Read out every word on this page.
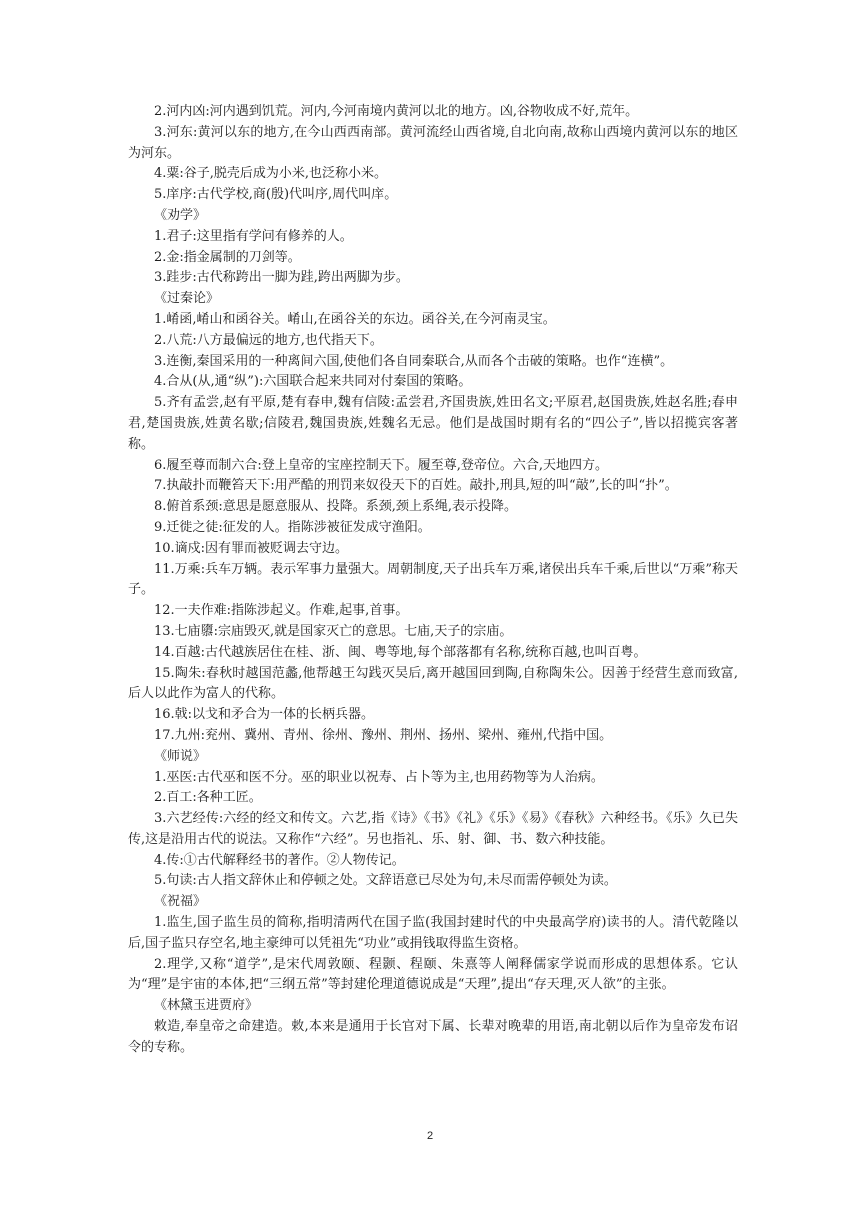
2.河内凶:河内遇到饥荒。河内,今河南境内黄河以北的地方。凶,谷物收成不好,荒年。

3.河东:黄河以东的地方,在今山西西南部。黄河流经山西省境,自北向南,故称山西境内黄河以东的地区为河东。

4.粟:谷子,脱壳后成为小米,也泛称小米。

5.庠序:古代学校,商(殷)代叫序,周代叫庠。

《劝学》

1.君子:这里指有学问有修养的人。

2.金:指金属制的刀剑等。

3.跬步:古代称跨出一脚为跬,跨出两脚为步。

《过秦论》

1.崤函,崤山和函谷关。崤山,在函谷关的东边。函谷关,在今河南灵宝。

2.八荒:八方最偏远的地方,也代指天下。

3.连衡,秦国采用的一种离间六国,使他们各自同秦联合,从而各个击破的策略。也作“连横”。

4.合从(从,通“纵”):六国联合起来共同对付秦国的策略。

5.齐有孟尝,赵有平原,楚有春申,魏有信陵:孟尝君,齐国贵族,姓田名文;平原君,赵国贵族,姓赵名胜;春申君,楚国贵族,姓黄名歇;信陵君,魏国贵族,姓魏名无忌。他们是战国时期有名的“四公子”,皆以招揽宾客著称。

6.履至尊而制六合:登上皇帝的宝座控制天下。履至尊,登帝位。六合,天地四方。

7.执敲扑而鞭笞天下:用严酷的刑罚来奴役天下的百姓。敲扑,刑具,短的叫“敲”,长的叫“扑”。

8.俯首系颈:意思是愿意服从、投降。系颈,颈上系绳,表示投降。

9.迁徙之徒:征发的人。指陈涉被征发成守渔阳。

10.谪戍:因有罪而被贬调去守边。

11.万乘:兵车万辆。表示军事力量强大。周朝制度,天子出兵车万乘,诸侯出兵车千乘,后世以“万乘”称天子。

12.一夫作难:指陈涉起义。作难,起事,首事。

13.七庙隳:宗庙毁灭,就是国家灭亡的意思。七庙,天子的宗庙。

14.百越:古代越族居住在桂、浙、闽、粤等地,每个部落都有名称,统称百越,也叫百粤。

15.陶朱:春秋时越国范蠡,他帮越王勾践灭吴后,离开越国回到陶,自称陶朱公。因善于经营生意而致富,后人以此作为富人的代称。

16.戟:以戈和矛合为一体的长柄兵器。

17.九州:兖州、冀州、青州、徐州、豫州、荆州、扬州、梁州、雍州,代指中国。

《师说》

1.巫医:古代巫和医不分。巫的职业以祝寿、占卜等为主,也用药物等为人治病。

2.百工:各种工匠。

3.六艺经传:六经的经文和传文。六艺,指《诗》《书》《礼》《乐》《易》《春秋》六种经书。《乐》久已失传,这是沿用古代的说法。又称作“六经”。另也指礼、乐、射、御、书、数六种技能。

4.传:①古代解释经书的著作。②人物传记。

5.句读:古人指文辞休止和停顿之处。文辞语意已尽处为句,未尽而需停顿处为读。

《祝福》

1.监生,国子监生员的简称,指明清两代在国子监(我国封建时代的中央最高学府)读书的人。清代乾隆以后,国子监只存空名,地主豪绅可以凭祖先“功业”或捐钱取得监生资格。

2.理学,又称“道学”,是宋代周敦颐、程颢、程颐、朱熹等人阐释儒家学说而形成的思想体系。它认为“理”是宇宙的本体,把“三纲五常”等封建伦理道德说成是“天理”,提出“存天理,灭人欲”的主张。

《林黛玉进贾府》

敕造,奉皇帝之命建造。敕,本来是通用于长官对下属、长辈对晚辈的用语,南北朝以后作为皇帝发布诏令的专称。

2
